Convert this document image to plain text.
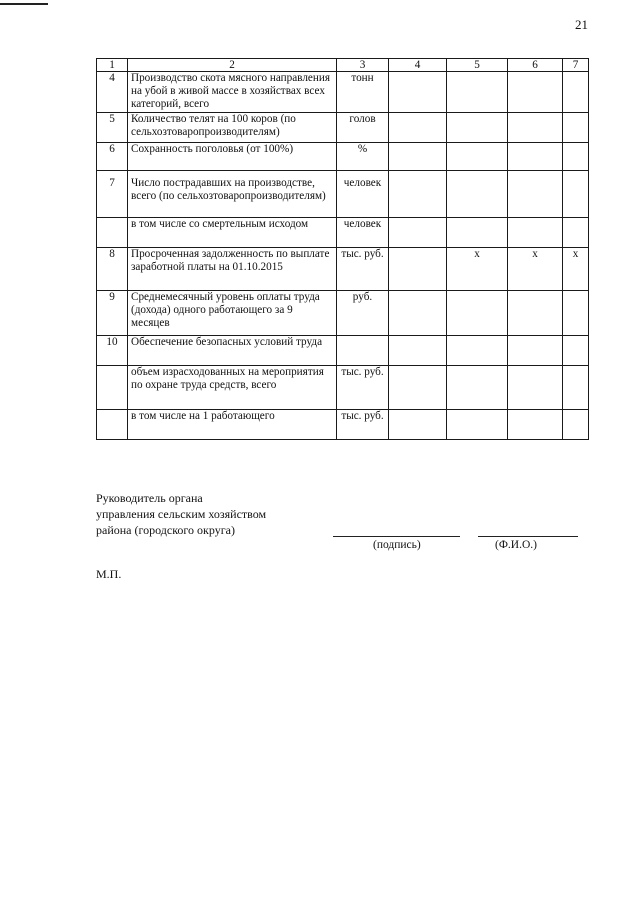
21
1	2	3	4	5	6	7
4	Производство скота мясного направления на убой в живой массе в хозяйствах всех категорий, всего	тонн				
5	Количество телят на 100 коров (по сельхозтоваропроизводителям)	голов				
6	Сохранность поголовья (от 100%)	%				
7	Число пострадавших на производстве, всего (по сельхозтоваропроизводителям)	человек				
	в том числе со смертельным исходом	человек				
8	Просроченная задолженность по выплате заработной платы на 01.10.2015	тыс. руб.		х	х	х
9	Среднемесячный уровень оплаты труда (дохода) одного работающего за 9 месяцев	руб.				
10	Обеспечение безопасных условий труда					
	объем израсходованных на мероприятия по охране труда средств, всего	тыс. руб.				
	в том числе на 1 работающего	тыс. руб.				
Руководитель органа
управления сельским хозяйством
района (городского округа)
(подпись)	(Ф.И.О.)
М.П.
